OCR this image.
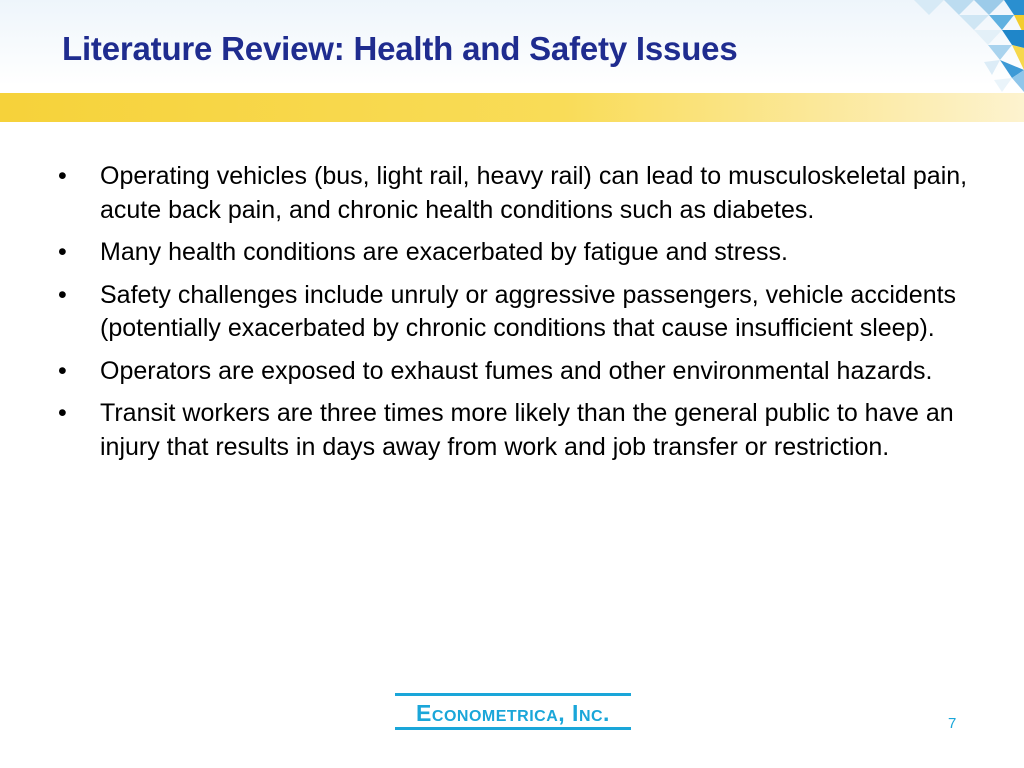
Literature Review: Health and Safety Issues
•	Operating vehicles (bus, light rail, heavy rail) can lead to musculoskeletal pain, acute back pain, and chronic health conditions such as diabetes.
•	Many health conditions are exacerbated by fatigue and stress.
•	Safety challenges include unruly or aggressive passengers, vehicle accidents (potentially exacerbated by chronic conditions that cause insufficient sleep).
•	Operators are exposed to exhaust fumes and other environmental hazards.
•	Transit workers are three times more likely than the general public to have an injury that results in days away from work and job transfer or restriction.
Econometrica, Inc.	7
